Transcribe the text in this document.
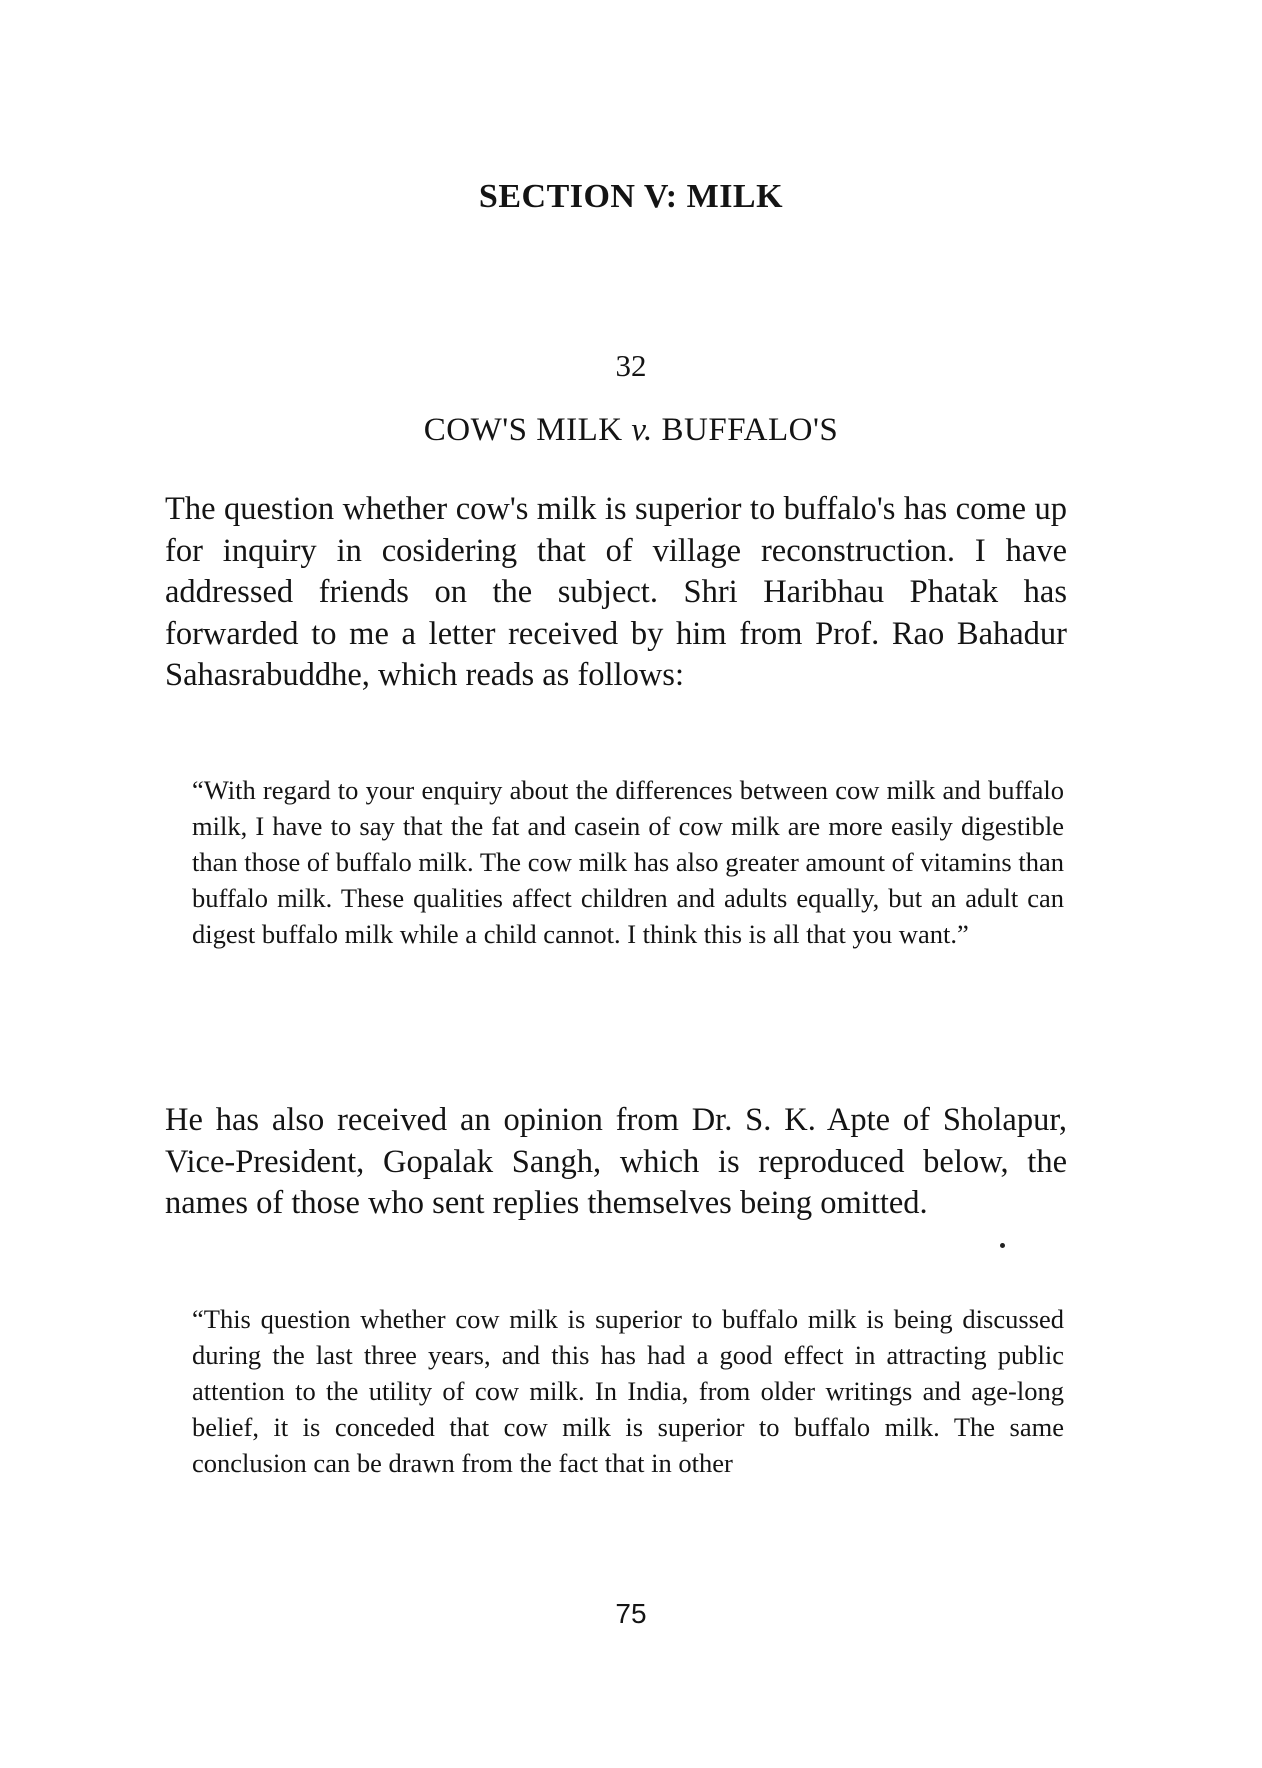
SECTION V: MILK
32
COW'S MILK v. BUFFALO'S

The question whether cow's milk is superior to buffalo's has come up for inquiry in cosidering that of village reconstruction. I have addressed friends on the subject. Shri Haribhau Phatak has forwarded to me a letter received by him from Prof. Rao Bahadur Sahasrabuddhe, which reads as follows:

“With regard to your enquiry about the differences between cow milk and buffalo milk, I have to say that the fat and casein of cow milk are more easily digestible than those of buffalo milk. The cow milk has also greater amount of vitamins than buffalo milk. These qualities affect children and adults equally, but an adult can digest buffalo milk while a child cannot. I think this is all that you want.”

He has also received an opinion from Dr. S. K. Apte of Sholapur, Vice-President, Gopalak Sangh, which is reproduced below, the names of those who sent replies themselves being omitted.

“This question whether cow milk is superior to buffalo milk is being discussed during the last three years, and this has had a good effect in attracting public attention to the utility of cow milk. In India, from older writings and age-long belief, it is conceded that cow milk is superior to buffalo milk. The same conclusion can be drawn from the fact that in other

75
